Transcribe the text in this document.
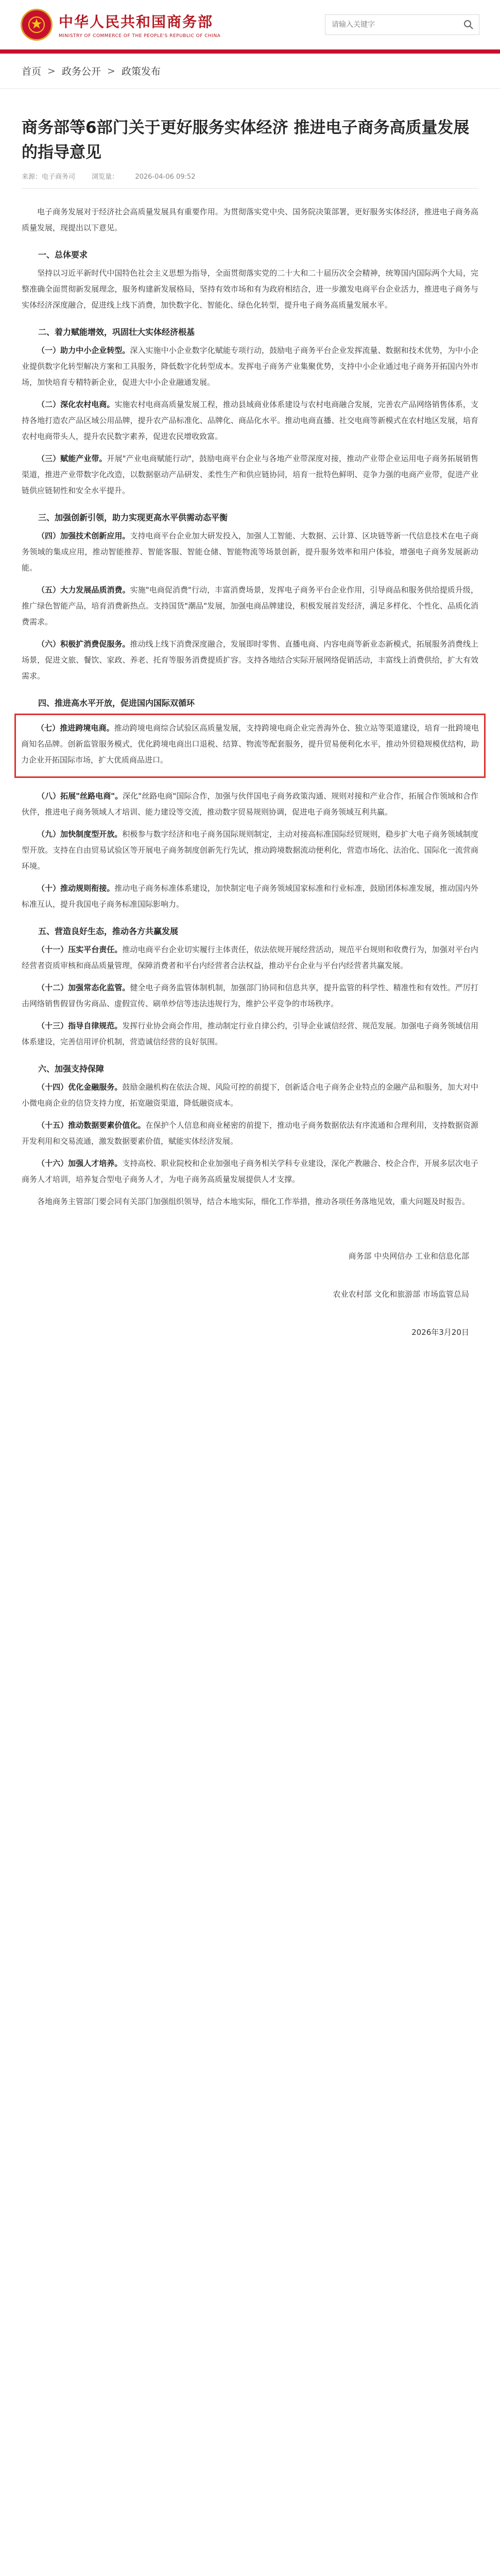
中华人民共和国商务部
MINISTRY OF COMMERCE OF THE PEOPLE'S REPUBLIC OF CHINA
请输入关键字
首页 > 政务公开 > 政策发布
商务部等6部门关于更好服务实体经济 推进电子商务高质量发展的指导意见
来源：电子商务司 浏览量： 2026-04-06 09:52

电子商务发展对于经济社会高质量发展具有重要作用。为贯彻落实党中央、国务院决策部署，更好服务实体经济，推进电子商务高质量发展，现提出以下意见。

一、总体要求

坚持以习近平新时代中国特色社会主义思想为指导，全面贯彻落实党的二十大和二十届历次全会精神，统筹国内国际两个大局，完整准确全面贯彻新发展理念，服务构建新发展格局，坚持有效市场和有为政府相结合，进一步激发电商平台企业活力，推进电子商务与实体经济深度融合，促进线上线下消费，加快数字化、智能化、绿色化转型，提升电子商务高质量发展水平。

二、着力赋能增效，巩固壮大实体经济根基

（一）助力中小企业转型。深入实施中小企业数字化赋能专项行动，鼓励电子商务平台企业发挥流量、数据和技术优势，为中小企业提供数字化转型解决方案和工具服务，降低数字化转型成本。发挥电子商务产业集聚优势，支持中小企业通过电子商务开拓国内外市场，加快培育专精特新企业，促进大中小企业融通发展。

（二）深化农村电商。实施农村电商高质量发展工程，推动县域商业体系建设与农村电商融合发展，完善农产品网络销售体系，支持各地打造农产品区域公用品牌，提升农产品标准化、品牌化、商品化水平。推动电商直播、社交电商等新模式在农村地区发展，培育农村电商带头人，提升农民数字素养，促进农民增收致富。

（三）赋能产业带。开展"产业电商赋能行动"，鼓励电商平台企业与各地产业带深度对接，推动产业带企业运用电子商务拓展销售渠道，推进产业带数字化改造，以数据驱动产品研发、柔性生产和供应链协同，培育一批特色鲜明、竞争力强的电商产业带，促进产业链供应链韧性和安全水平提升。

三、加强创新引领，助力实现更高水平供需动态平衡

（四）加强技术创新应用。支持电商平台企业加大研发投入，加强人工智能、大数据、云计算、区块链等新一代信息技术在电子商务领域的集成应用，推动智能推荐、智能客服、智能仓储、智能物流等场景创新，提升服务效率和用户体验，增强电子商务发展新动能。

（五）大力发展品质消费。实施"电商促消费"行动，丰富消费场景，发挥电子商务平台企业作用，引导商品和服务供给提质升级，推广绿色智能产品，培育消费新热点。支持国货"潮品"发展，加强电商品牌建设，积极发展首发经济，满足多样化、个性化、品质化消费需求。

（六）积极扩消费促服务。推动线上线下消费深度融合，发展即时零售、直播电商、内容电商等新业态新模式，拓展服务消费线上场景，促进文旅、餐饮、家政、养老、托育等服务消费提质扩容。支持各地结合实际开展网络促销活动，丰富线上消费供给，扩大有效需求。

四、推进高水平开放，促进国内国际双循环

（七）推进跨境电商。推动跨境电商综合试验区高质量发展，支持跨境电商企业完善海外仓、独立站等渠道建设，培育一批跨境电商知名品牌。创新监管服务模式，优化跨境电商出口退税、结算、物流等配套服务，提升贸易便利化水平，推动外贸稳规模优结构，助力企业开拓国际市场，扩大优质商品进口。

（八）拓展"丝路电商"。深化"丝路电商"国际合作，加强与伙伴国电子商务政策沟通、规则对接和产业合作，拓展合作领域和合作伙伴，推进电子商务领域人才培训、能力建设等交流，推动数字贸易规则协调，促进电子商务领域互利共赢。

（九）加快制度型开放。积极参与数字经济和电子商务国际规则制定，主动对接高标准国际经贸规则，稳步扩大电子商务领域制度型开放。支持在自由贸易试验区等开展电子商务制度创新先行先试，推动跨境数据流动便利化，营造市场化、法治化、国际化一流营商环境。

（十）推动规则衔接。推动电子商务标准体系建设，加快制定电子商务领域国家标准和行业标准，鼓励团体标准发展，推动国内外标准互认，提升我国电子商务标准国际影响力。

五、营造良好生态，推动各方共赢发展

（十一）压实平台责任。推动电商平台企业切实履行主体责任，依法依规开展经营活动，规范平台规则和收费行为，加强对平台内经营者资质审核和商品质量管理，保障消费者和平台内经营者合法权益，推动平台企业与平台内经营者共赢发展。

（十二）加强常态化监管。健全电子商务监管体制机制，加强部门协同和信息共享，提升监管的科学性、精准性和有效性。严厉打击网络销售假冒伪劣商品、虚假宣传、刷单炒信等违法违规行为，维护公平竞争的市场秩序。

（十三）指导自律规范。发挥行业协会商会作用，推动制定行业自律公约，引导企业诚信经营、规范发展。加强电子商务领域信用体系建设，完善信用评价机制，营造诚信经营的良好氛围。

六、加强支持保障

（十四）优化金融服务。鼓励金融机构在依法合规、风险可控的前提下，创新适合电子商务企业特点的金融产品和服务，加大对中小微电商企业的信贷支持力度，拓宽融资渠道，降低融资成本。

（十五）推动数据要素价值化。在保护个人信息和商业秘密的前提下，推动电子商务数据依法有序流通和合理利用，支持数据资源开发利用和交易流通，激发数据要素价值，赋能实体经济发展。

（十六）加强人才培养。支持高校、职业院校和企业加强电子商务相关学科专业建设，深化产教融合、校企合作，开展多层次电子商务人才培训，培养复合型电子商务人才，为电子商务高质量发展提供人才支撑。

各地商务主管部门要会同有关部门加强组织领导，结合本地实际，细化工作举措，推动各项任务落地见效，重大问题及时报告。

商务部 中央网信办 工业和信息化部
农业农村部 文化和旅游部 市场监管总局
2026年3月20日
